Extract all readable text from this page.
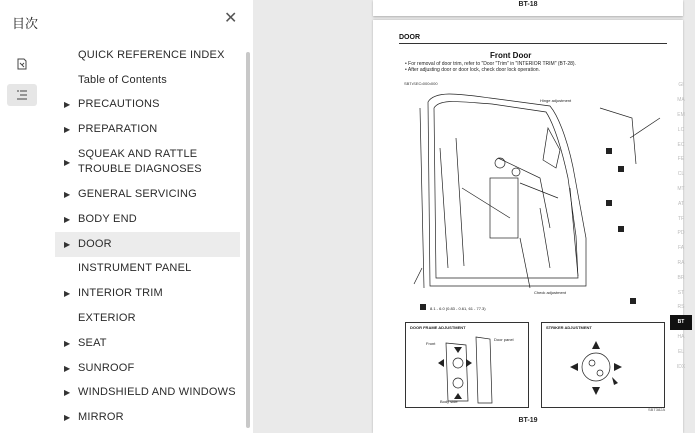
目次	✕
QUICK REFERENCE INDEX
Table of Contents
▶ PRECAUTIONS
▶ PREPARATION
▶
SQUEAK AND RATTLE TROUBLE DIAGNOSES
▶ GENERAL SERVICING
▶ BODY END
▶ DOOR
INSTRUMENT PANEL
▶ INTERIOR TRIM
EXTERIOR
▶ SEAT
▶ SUNROOF
▶ WINDSHIELD AND WINDOWS
▶ MIRROR
BT-18
DOOR
Front Door
• For removal of door trim, refer to "Door "Trim" in "INTERIOR TRIM" (BT-28).
• After adjusting door or door lock, check door lock operation.
SBT•SEC•000•000
Hinge adjustment
Check adjustment
8.1 - 6.0 (0.83 - 0.61, 61 - 77.3)
DOOR FRAME ADJUSTMENT
Front
Door panel
Body side
STRIKER ADJUSTMENT
BT-19
SBT382A
GI
MA
EM
LC
EC
FE
CL
MT
AT
TF
PD
FA
RA
BR
ST
RS
BT
HA
EL
IDX
